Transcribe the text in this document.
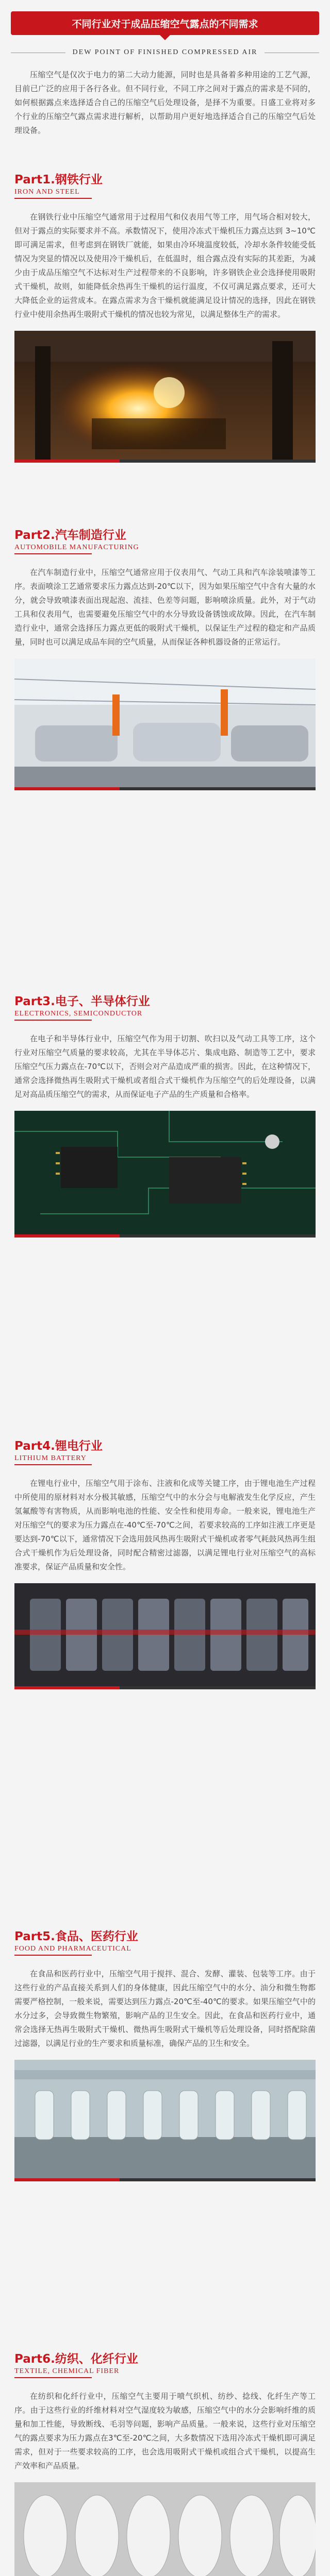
不同行业对于成品压缩空气露点的不同需求
DEW POINT OF FINISHED COMPRESSED AIR

压缩空气是仅次于电力的第二大动力能源，同时也是具备着多种用途的工艺气源，目前已广泛的应用于各行各业。但不同行业，不同工序之间对于露点的需求是不同的，如何根据露点来选择适合自己的压缩空气后处理设备，是择不为重要。日盛工业将对多个行业的压缩空气露点需求进行解析，以帮助用户更好地选择适合自己的压缩空气后处理设备。

Part1.钢铁行业
IRON AND STEEL

在钢铁行业中压缩空气通常用于过程用气和仪表用气等工序，用气场合相对较大，但对于露点的实际要求并不高。承数情况下，使用冷冻式干燥机压力露点达到 3~10℃即可满足需求，但考虑到在钢铁厂就能，如果由冷环境温度较低，冷却水条件较能受低情况为突显的情况以及使用冷干燥机后，在低温时，组合露点没有实际的其差距，为减少由于成品压缩空气不达标对生产过程带来的不良影响，许多钢铁企业会选择使用吸附式干燥机，故则，如能降低余热再生干燥机的运行温度，不仅可满足露点要求，还可大大降低企业的运营成本。在露点需求为含干燥机就能满足设计情况的选择，因此在钢铁行业中使用余热再生吸附式干燥机的情况也较为常见，以满足整体生产的需求。

Part2.汽车制造行业
AUTOMOBILE MANUFACTURING

在汽车制造行业中，压缩空气通常应用于仪表用气、气动工具和汽车涂装喷漆等工序。表面喷涂工艺通常要求压力露点达到-20℃以下，因为如果压缩空气中含有大量的水分，就会导致喷漆表面出现起泡、流挂、色差等问题，影响喷涂质量。此外，对于气动工具和仪表用气，也需要避免压缩空气中的水分导致设备锈蚀或故障。因此，在汽车制造行业中，通常会选择压力露点更低的吸附式干燥机，以保证生产过程的稳定和产品质量，同时也可以满足成品车间的空气质量，从而保证各种机器设备的正常运行。

Part3.电子、半导体行业
ELECTRONICS, SEMICONDUCTOR

在电子和半导体行业中，压缩空气作为用于切割、吹扫以及气动工具等工序，这个行业对压缩空气质量的要求较高，尤其在半导体芯片、集成电路、制造等工艺中，要求压缩空气压力露点在-70℃以下，否则会对产品造成严重的损害。因此，在这种情况下，通常会选择微热再生吸附式干燥机或者组合式干燥机作为压缩空气的后处理设备，以满足对高品质压缩空气的需求，从而保证电子产品的生产质量和合格率。

Part4.锂电行业
LITHIUM BATTERY

在锂电行业中，压缩空气用于涂布、注液和化成等关键工序，由于锂电池生产过程中所使用的原材料对水分极其敏感，压缩空气中的水分会与电解液发生化学反应，产生氢氟酸等有害物质，从而影响电池的性能、安全性和使用寿命。一般来说，锂电池生产对压缩空气的要求为压力露点在-40℃至-70℃之间，若要求较高的工序如注液工序更是要达到-70℃以下，通常情况下会选用鼓风热再生吸附式干燥机或者零气耗鼓风热再生组合式干燥机作为后处理设备，同时配合精密过滤器，以满足锂电行业对压缩空气的高标准要求，保证产品质量和安全性。

Part5.食品、医药行业
FOOD AND PHARMACEUTICAL

在食品和医药行业中，压缩空气用于搅拌、混合、发酵、灌装、包装等工序。由于这些行业的产品直接关系到人们的身体健康，因此压缩空气中的水分、油分和微生物都需要严格控制，一般来说，需要达到压力露点-20℃至-40℃的要求。如果压缩空气中的水分过多，会导致微生物繁殖，影响产品的卫生安全。因此，在食品和医药行业中，通常会选择无热再生吸附式干燥机、微热再生吸附式干燥机等后处理设备，同时搭配除菌过滤器，以满足行业的生产要求和质量标准，确保产品的卫生和安全。

Part6.纺织、化纤行业
TEXTILE, CHEMICAL FIBER

在纺织和化纤行业中，压缩空气主要用于喷气织机、纺纱、捻线、化纤生产等工序。由于这些行业的纤维材料对空气湿度较为敏感，压缩空气中的水分会影响纤维的质量和加工性能，导致断线、毛羽等问题，影响产品质量。一般来说，这些行业对压缩空气的露点要求为压力露点在3℃至-20℃之间，大多数情况下选用冷冻式干燥机即可满足需求，但对于一些要求较高的工序，也会选用吸附式干燥机或组合式干燥机，以提高生产效率和产品质量。
